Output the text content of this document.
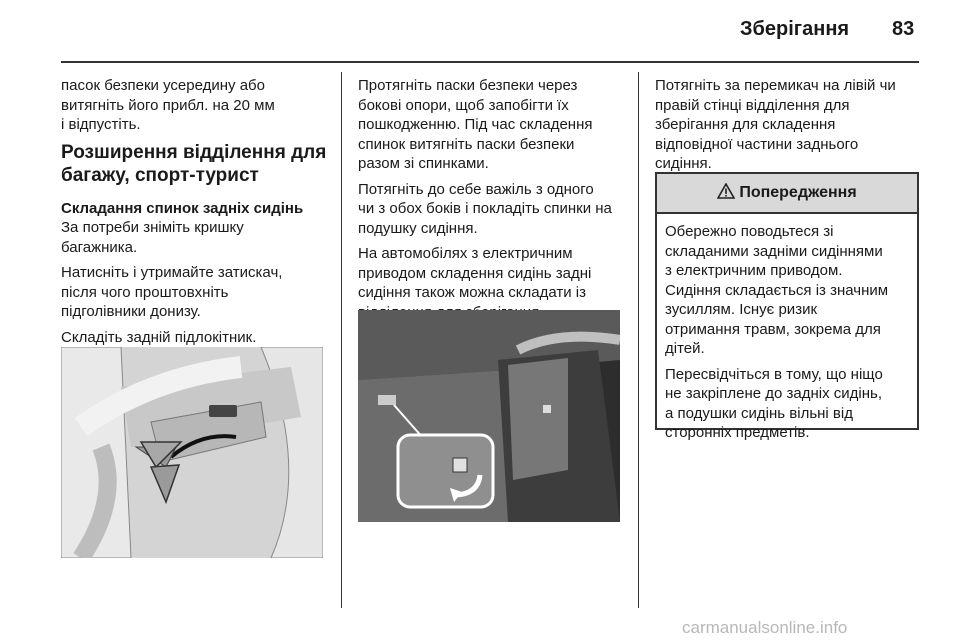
Зберігання 83

пасок безпеки усередину або
витягніть його прибл. на 20 мм
і відпустіть.

Розширення відділення для
багажу, спорт-турист
Складання спинок задніх сидінь

За потреби зніміть кришку
багажника.

Натисніть і утримайте затискач,
після чого проштовхніть
підголівники донизу.

Складіть задній підлокітник.

Протягніть паски безпеки через
бокові опори, щоб запобігти їх
пошкодженню. Під час складення
спинок витягніть паски безпеки
разом зі спинками.

Потягніть до себе важіль з одного
чи з обох боків і покладіть спинки на
подушку сидіння.

На автомобілях з електричним
приводом складення сидінь задні
сидіння також можна складати із

Потягніть за перемикач на лівій чи
правій стінці відділення для
зберігання для складення
відповідної частини заднього
сидіння.

Попередження

Обережно поводьтеся зі
складаними задніми сидіннями
з електричним приводом.
Сидіння складається із значним
зусиллям. Існує ризик
отримання травм, зокрема для
дітей.

Пересвідчіться в тому, що ніщо
не закріплене до задніх сидінь,
а подушки сидінь вільні від
сторонніх предметів.

carmanualsonline.info
